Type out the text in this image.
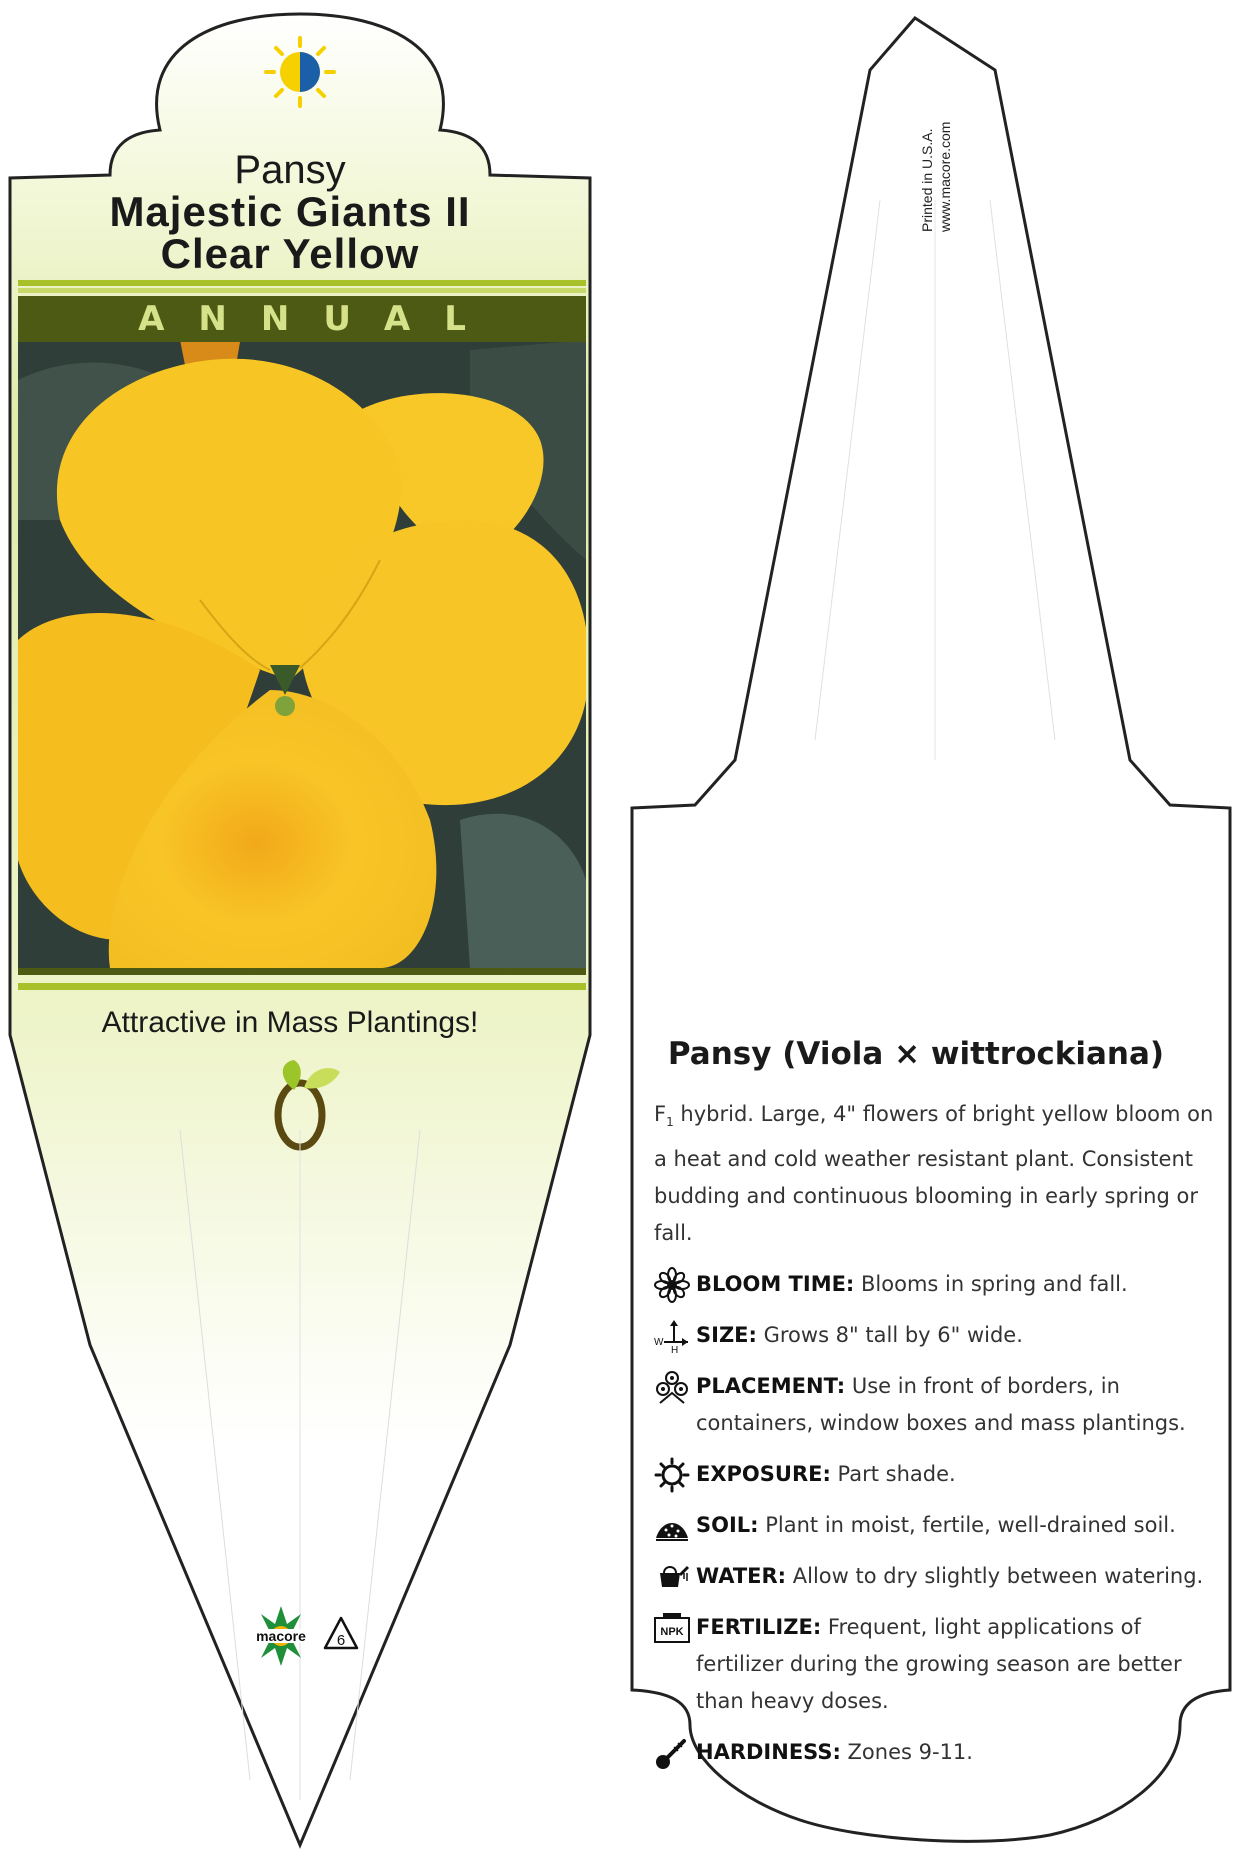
macore 6
Printed in U.S.A. www.macore.com
Pansy
Majestic Giants II
Clear Yellow
ANNUAL
Attractive in Mass Plantings!
Pansy (Viola × wittrockiana)

$F_1$ hybrid. Large, 4" flowers of bright yellow bloom on a heat and cold weather resistant plant. Consistent budding and continuous blooming in early spring or fall.

BLOOM TIME: Blooms in spring and fall.
W
H
SIZE: Grows 8" tall by 6" wide.
PLACEMENT: Use in front of borders, in containers, window boxes and mass plantings.
EXPOSURE: Part shade.
SOIL: Plant in moist, fertile, well-drained soil.
WATER: Allow to dry slightly between watering.
NPK FERTILIZE: Frequent, light applications of fertilizer during the growing season are better than heavy doses.
HARDINESS: Zones 9-11.
